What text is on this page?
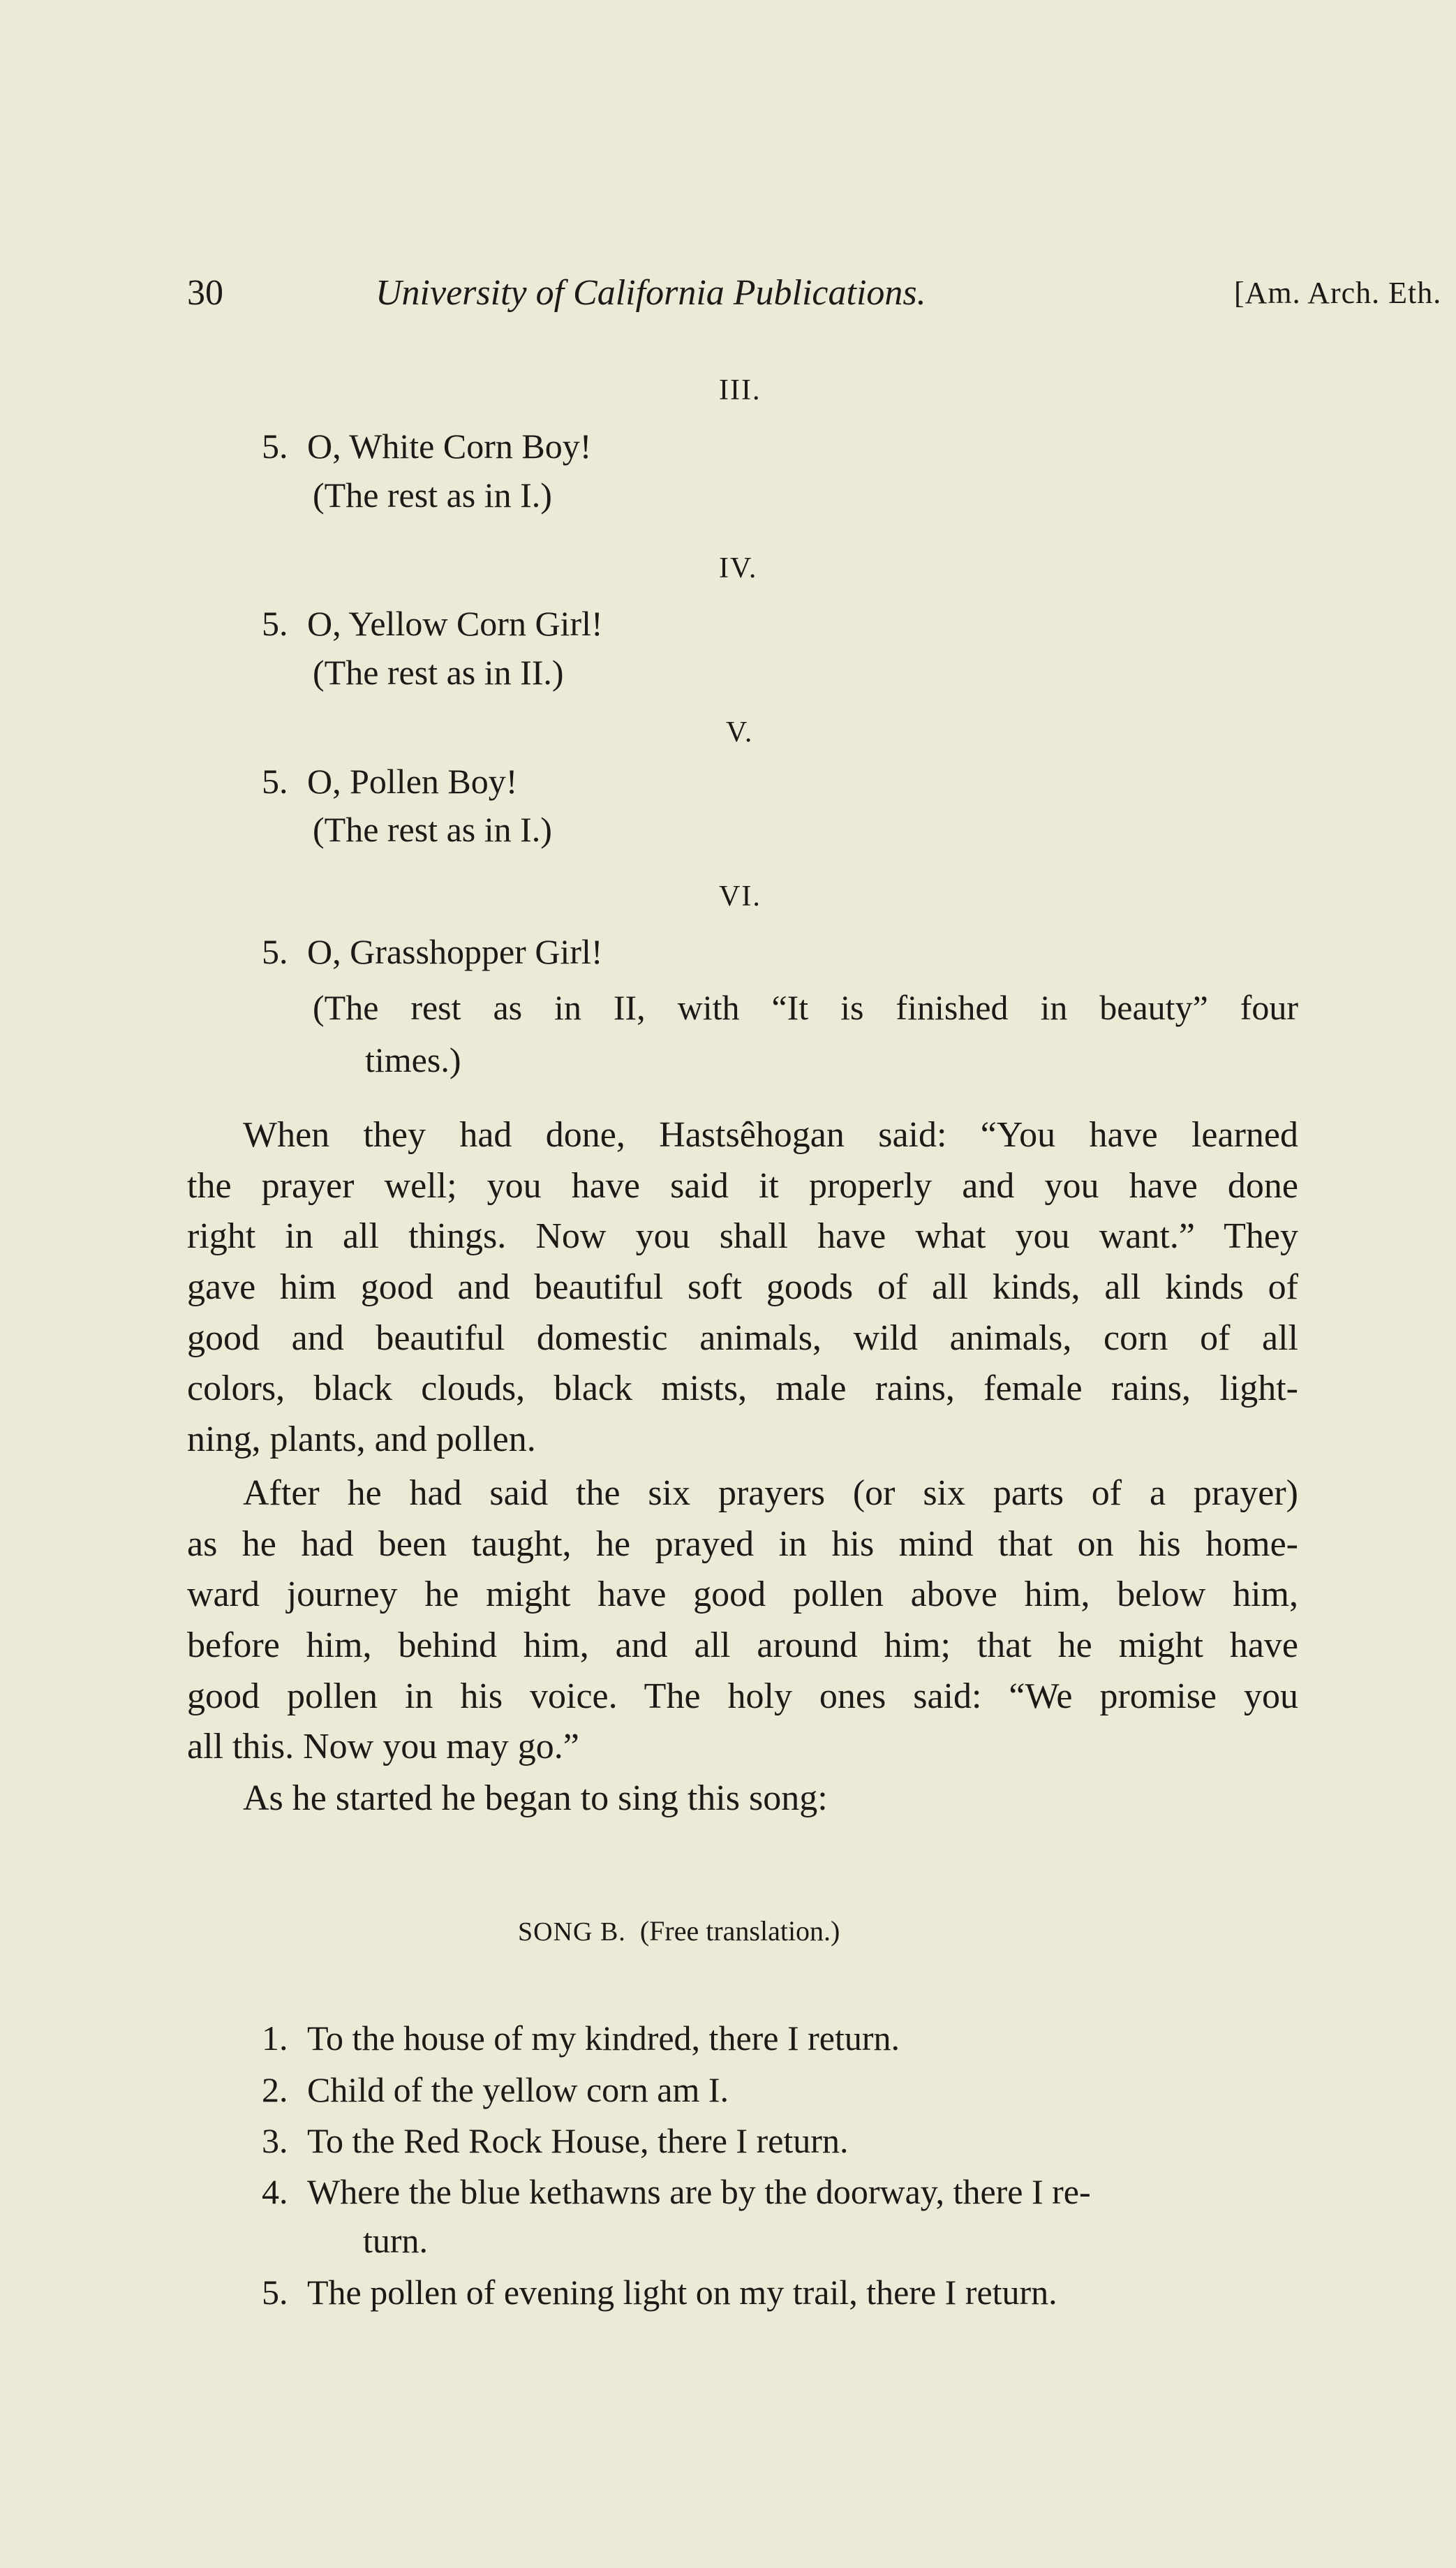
30	University of California Publications.	[Am. Arch. Eth.
III.
5. O, White Corn Boy!
(The rest as in I.)
IV.
5. O, Yellow Corn Girl!
(The rest as in II.)
V.
5. O, Pollen Boy!
(The rest as in I.)
VI.
5. O, Grasshopper Girl!
(The rest as in II, with “It is finished in beauty” four
times.)
When they had done, Hastsêhogan said: “You have learned
the prayer well; you have said it properly and you have done
right in all things. Now you shall have what you want.” They
gave him good and beautiful soft goods of all kinds, all kinds of
good and beautiful domestic animals, wild animals, corn of all
colors, black clouds, black mists, male rains, female rains, light-
ning, plants, and pollen.
After he had said the six prayers (or six parts of a prayer)
as he had been taught, he prayed in his mind that on his home-
ward journey he might have good pollen above him, below him,
before him, behind him, and all around him; that he might have
good pollen in his voice. The holy ones said: “We promise you
all this. Now you may go.”
As he started he began to sing this song:
SONG B. (Free translation.)
1. To the house of my kindred, there I return.
2. Child of the yellow corn am I.
3. To the Red Rock House, there I return.
4. Where the blue kethawns are by the doorway, there I re-
turn.
5. The pollen of evening light on my trail, there I return.
